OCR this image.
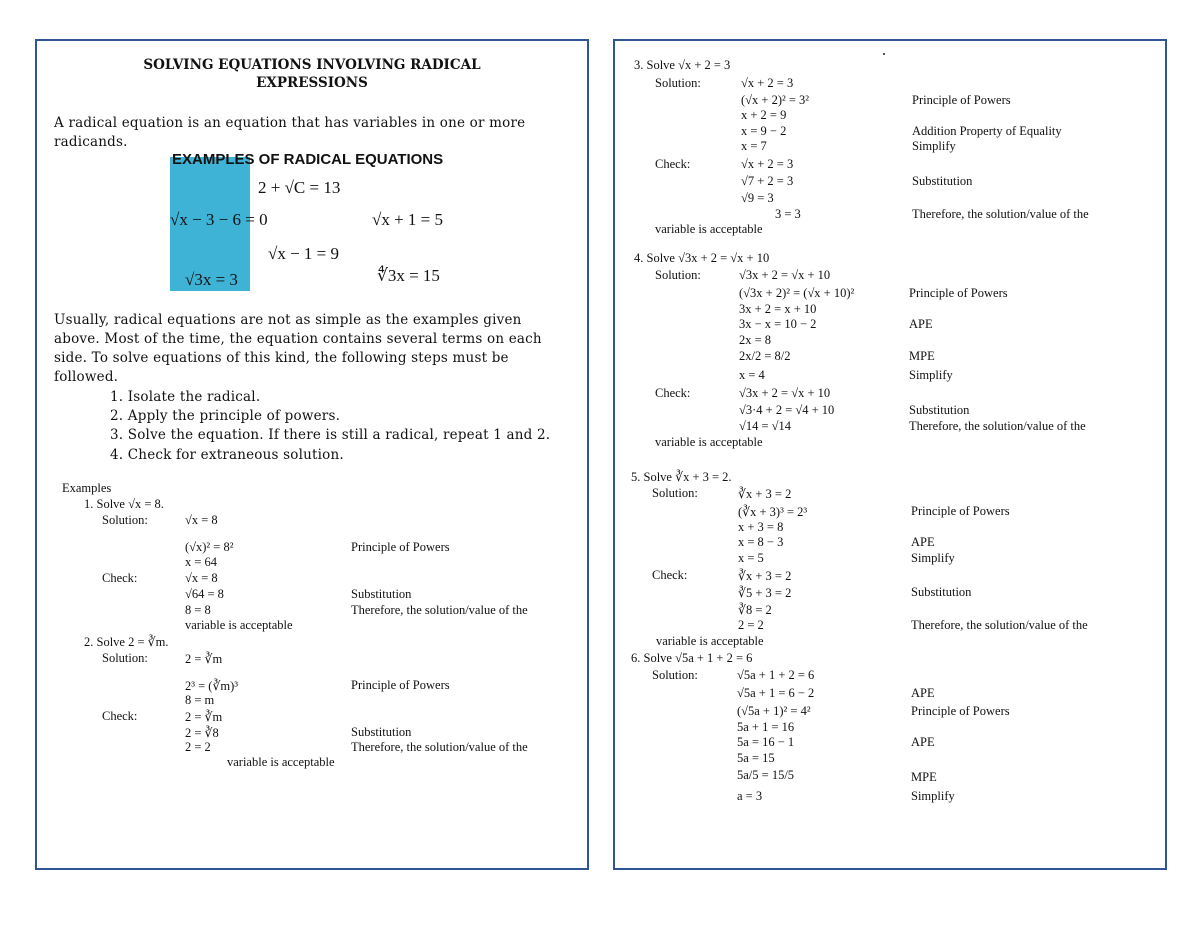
SOLVING EQUATIONS INVOLVING RADICAL
EXPRESSIONS
A radical equation is an equation that has variables in one or more
radicands.
EXAMPLES OF RADICAL EQUATIONS
2 + √C = 13
√x − 3 − 6 = 0	√x + 1 = 5
√x − 1 = 9
√3x = 3	∜3x = 15
Usually, radical equations are not as simple as the examples given
above. Most of the time, the equation contains several terms on each
side. To solve equations of this kind, the following steps must be
followed.
1. Isolate the radical.
2. Apply the principle of powers.
3. Solve the equation. If there is still a radical, repeat 1 and 2.
4. Check for extraneous solution.
Examples
1. Solve √x = 8.
Solution:	√x = 8
(√x)² = 8²	Principle of Powers
x = 64
Check:	√x = 8
√64 = 8	Substitution
8 = 8	Therefore, the solution/value of the
variable is acceptable
2. Solve 2 = ∛m.
Solution:	2 = ∛m
2³ = (∛m)³	Principle of Powers
8 = m
Check:	2 = ∛m
2 = ∛8	Substitution
2 = 2	Therefore, the solution/value of the
variable is acceptable
3. Solve √x + 2 = 3
Solution:	√x + 2 = 3
(√x + 2)² = 3²	Principle of Powers
x + 2 = 9
x = 9 − 2	Addition Property of Equality
x = 7	Simplify
Check:	√x + 2 = 3
√7 + 2 = 3	Substitution
√9 = 3
3 = 3	Therefore, the solution/value of the
variable is acceptable
4. Solve √3x + 2 = √x + 10
Solution:	√3x + 2 = √x + 10
(√3x + 2)² = (√x + 10)²	Principle of Powers
3x + 2 = x + 10
3x − x = 10 − 2	APE
2x = 8
2x/2 = 8/2	MPE
x = 4	Simplify
Check:	√3x + 2 = √x + 10
√3·4 + 2 = √4 + 10	Substitution
√14 = √14	Therefore, the solution/value of the
variable is acceptable
5. Solve ∛x + 3 = 2.
Solution:	∛x + 3 = 2
(∛x + 3)³ = 2³	Principle of Powers
x + 3 = 8
x = 8 − 3	APE
x = 5	Simplify
Check:	∛x + 3 = 2
∛5 + 3 = 2	Substitution
∛8 = 2
2 = 2	Therefore, the solution/value of the
variable is acceptable
6. Solve √5a + 1 + 2 = 6
Solution:	√5a + 1 + 2 = 6
√5a + 1 = 6 − 2	APE
(√5a + 1)² = 4²	Principle of Powers
5a + 1 = 16
5a = 16 − 1	APE
5a = 15
5a/5 = 15/5	MPE
a = 3	Simplify
